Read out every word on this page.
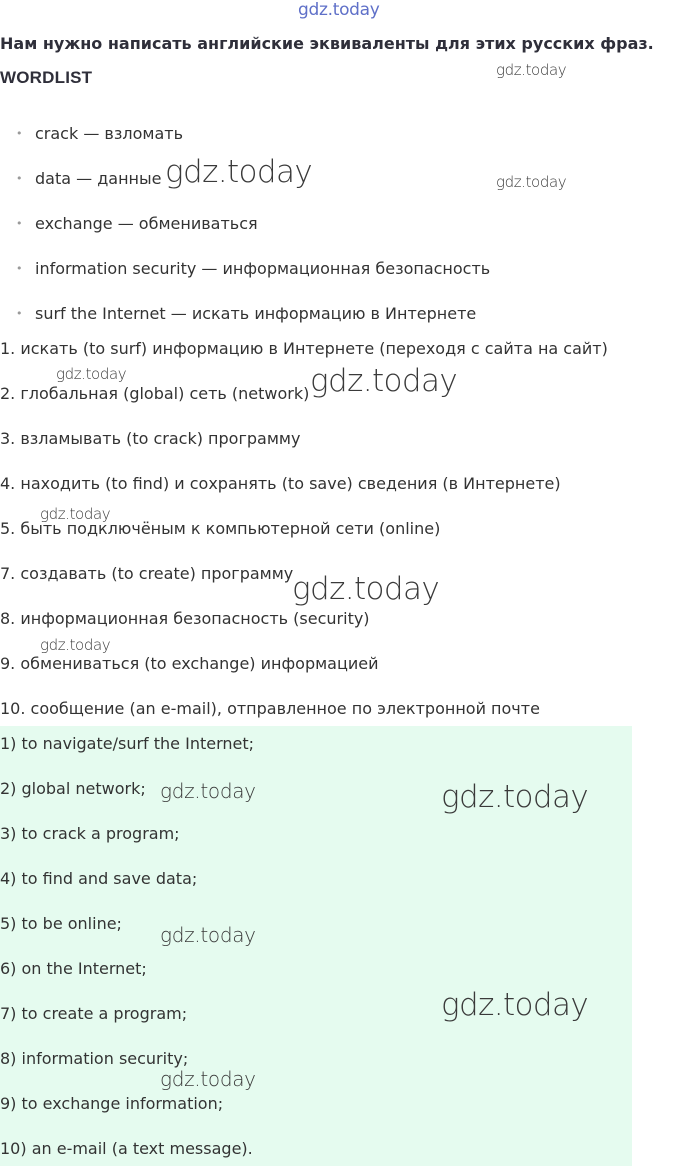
gdz.today
Нам нужно написать английские эквиваленты для этих русских фраз.
WORDLIST
• crack — взломать
• data — данные
• exchange — обмениваться
• information security — информационная безопасность
• surf the Internet — искать информацию в Интернете
1. искать (to surf) информацию в Интернете (переходя с сайта на сайт)
2. глобальная (global) сеть (network)
3. взламывать (to crack) программу
4. находить (to find) и сохранять (to save) сведения (в Интернете)
5. быть подключёным к компьютерной сети (online)
7. создавать (to create) программу
8. информационная безопасность (security)
9. обмениваться (to exchange) информацией
10. сообщение (an e-mail), отправленное по электронной почте
1) to navigate/surf the Internet;
2) global network;
3) to crack a program;
4) to find and save data;
5) to be online;
6) on the Internet;
7) to create a program;
8) information security;
9) to exchange information;
10) an e-mail (a text message).
gdz.today
gdz.today	gdz.today
gdz.today	gdz.today
gdz.today
gdz.today
gdz.today
gdz.today	gdz.today
gdz.today
gdz.today
gdz.today
